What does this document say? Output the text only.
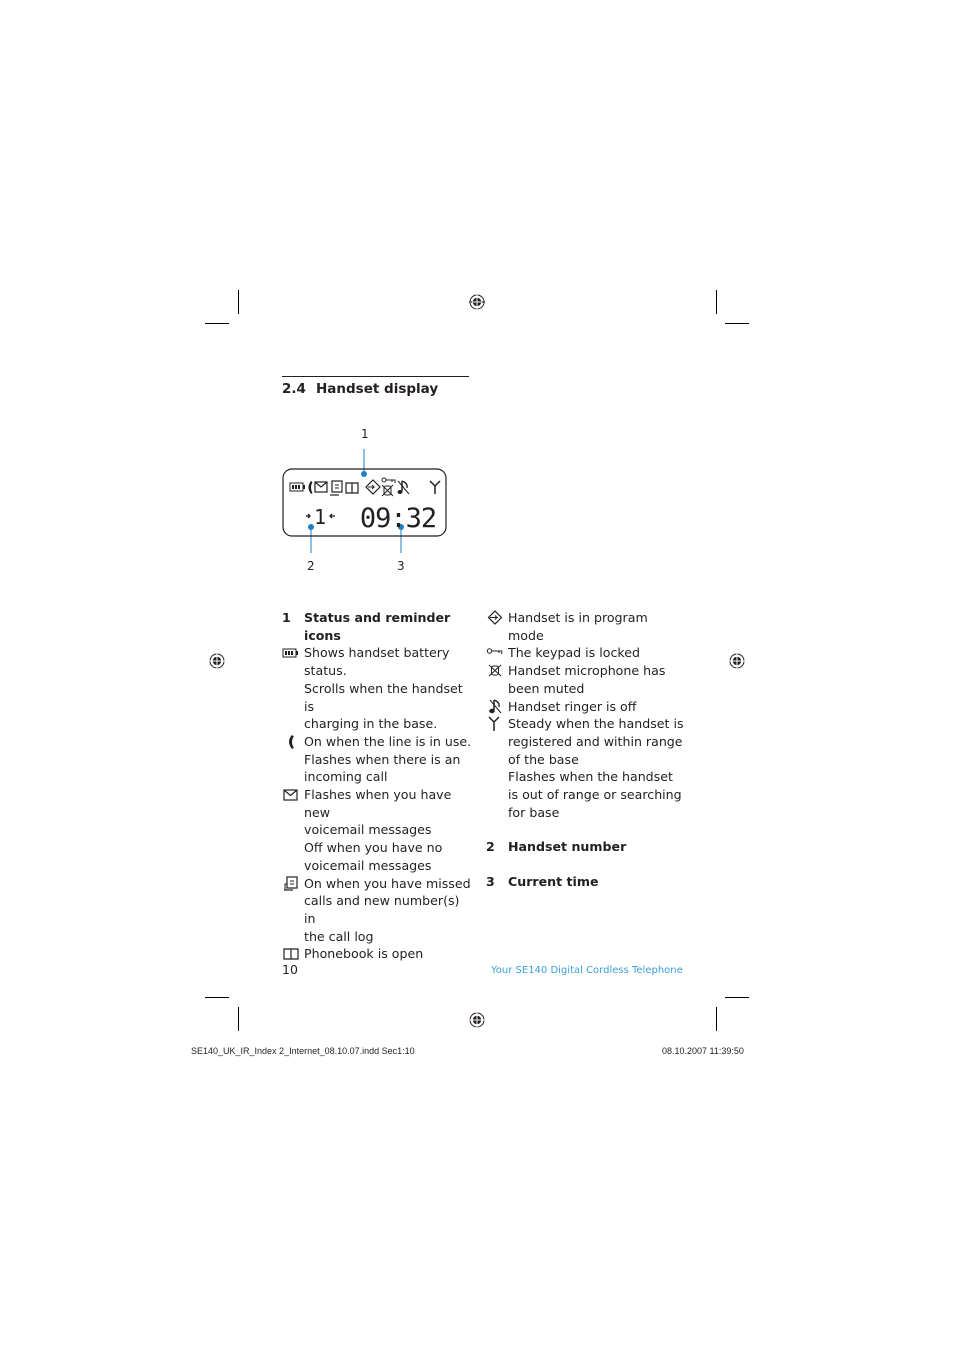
2.4 Handset display
1
2	3
1 09:32
1 Status and reminder

icons

Shows handset battery

status.

Scrolls when the handset is

charging in the base.

On when the line is in use.

Flashes when there is an

incoming call

Flashes when you have new

voicemail messages

Off when you have no

voicemail messages

On when you have missed

calls and new number(s) in

the call log

Phonebook is open

Handset is in program

mode

The keypad is locked

Handset microphone has

been muted

Handset ringer is off

Steady when the handset is

registered and within range

of the base

Flashes when the handset

is out of range or searching

for base

2 Handset number
3 Current time
10	Your SE140 Digital Cordless Telephone
SE140_UK_IR_Index 2_Internet_08.10.07.indd Sec1:10	08.10.2007 11:39:50
